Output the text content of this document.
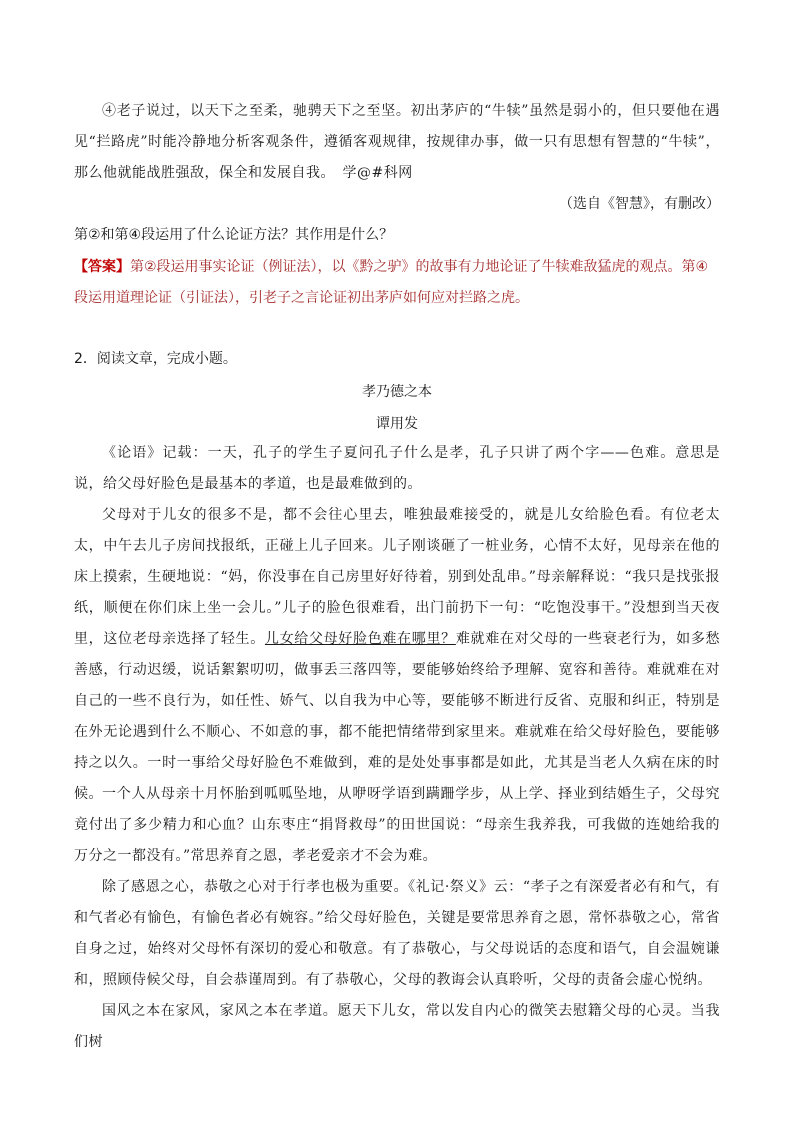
④老子说过，以天下之至柔，驰骋天下之至坚。初出茅庐的“牛犊”虽然是弱小的，但只要他在遇见“拦路虎”时能冷静地分析客观条件，遵循客观规律，按规律办事，做一只有思想有智慧的“牛犊”，那么他就能战胜强敌，保全和发展自我。　学@#科网

（选自《智慧》，有删改）

第②和第④段运用了什么论证方法？其作用是什么？

【答案】第②段运用事实论证（例证法），以《黔之驴》的故事有力地论证了牛犊难敌猛虎的观点。第④段运用道理论证（引证法），引老子之言论证初出茅庐如何应对拦路之虎。

2．阅读文章，完成小题。

孝乃德之本

谭用发

《论语》记载：一天，孔子的学生子夏问孔子什么是孝，孔子只讲了两个字——色难。意思是说，给父母好脸色是最基本的孝道，也是最难做到的。

父母对于儿女的很多不是，都不会往心里去，唯独最难接受的，就是儿女给脸色看。有位老太太，中午去儿子房间找报纸，正碰上儿子回来。儿子刚谈砸了一桩业务，心情不太好，见母亲在他的床上摸索，生硬地说：“妈，你没事在自己房里好好待着，别到处乱串。”母亲解释说：“我只是找张报纸，顺便在你们床上坐一会儿。”儿子的脸色很难看，出门前扔下一句：“吃饱没事干。”没想到当天夜里，这位老母亲选择了轻生。儿女给父母好脸色难在哪里？难就难在对父母的一些衰老行为，如多愁善感，行动迟缓，说话絮絮叨叨，做事丢三落四等，要能够始终给予理解、宽容和善待。难就难在对自己的一些不良行为，如任性、娇气、以自我为中心等，要能够不断进行反省、克服和纠正，特别是在外无论遇到什么不顺心、不如意的事，都不能把情绪带到家里来。难就难在给父母好脸色，要能够持之以久。一时一事给父母好脸色不难做到，难的是处处事事都是如此，尤其是当老人久病在床的时候。 一个人从母亲十月怀胎到呱呱坠地，从咿呀学语到蹒跚学步，从上学、择业到结婚生子，父母究竟付出了多少精力和心血？山东枣庄“捐肾救母”的田世国说：“母亲生我养我，可我做的连她给我的万分之一都没有。”常思养育之恩，孝老爱亲才不会为难。

除了感恩之心，恭敬之心对于行孝也极为重要。《礼记·祭义》云：“孝子之有深爱者必有和气，有和气者必有愉色，有愉色者必有婉容。”给父母好脸色，关键是要常思养育之恩，常怀恭敬之心，常省自身之过，始终对父母怀有深切的爱心和敬意。有了恭敬心，与父母说话的态度和语气，自会温婉谦和，照顾侍候父母，自会恭谨周到。有了恭敬心，父母的教诲会认真聆听，父母的责备会虚心悦纳。

国风之本在家风，家风之本在孝道。愿天下儿女，常以发自内心的微笑去慰籍父母的心灵。当我们树
